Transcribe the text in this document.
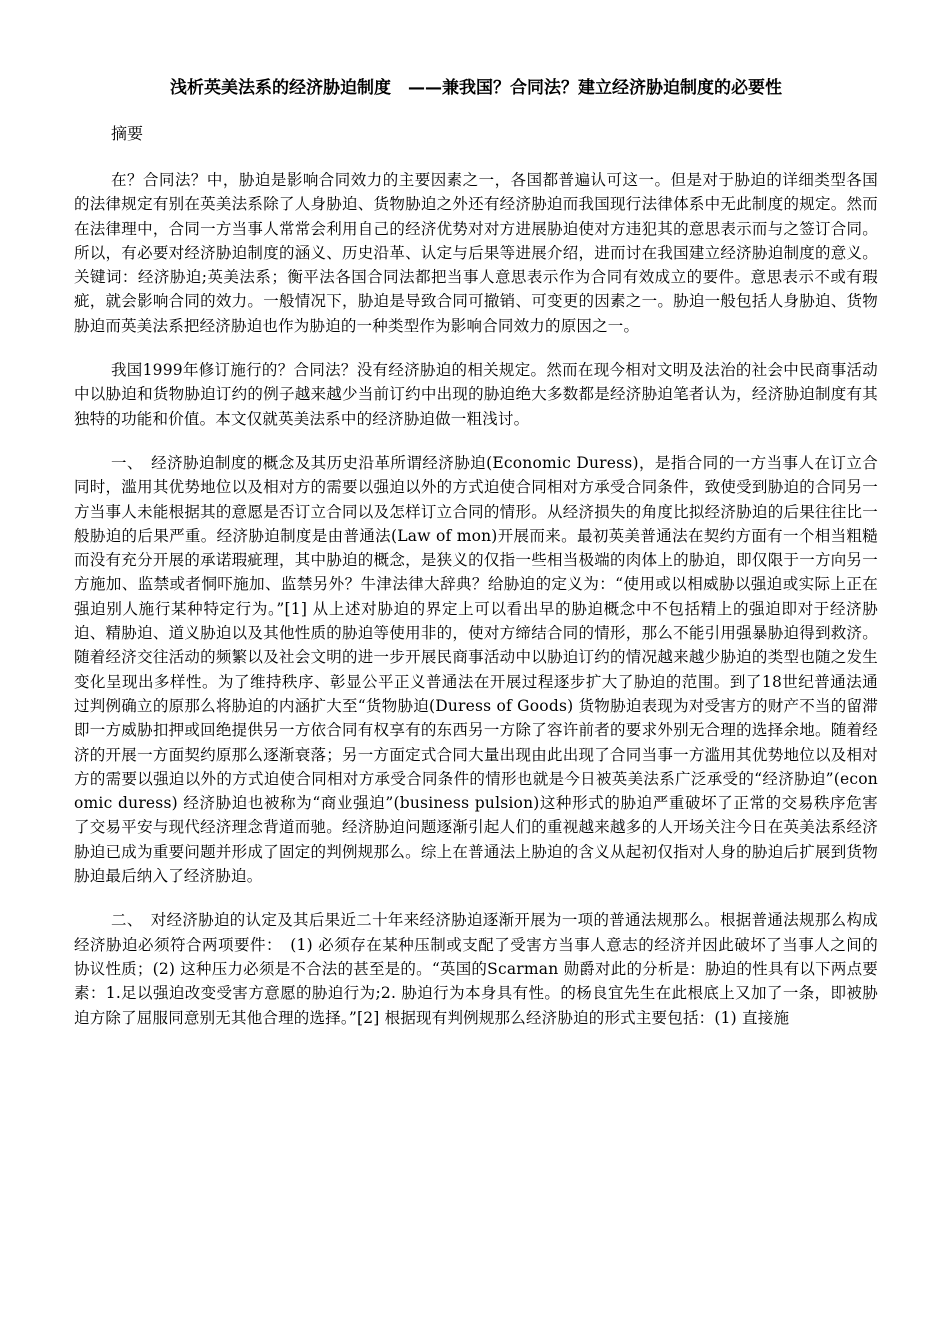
浅析英美法系的经济胁迫制度　——兼我国？合同法？建立经济胁迫制度的必要性

摘要

在？合同法？中，胁迫是影响合同效力的主要因素之一，各国都普遍认可这一。但是对于胁迫的详细类型各国的法律规定有别在英美法系除了人身胁迫、货物胁迫之外还有经济胁迫而我国现行法律体系中无此制度的规定。然而在法律理中，合同一方当事人常常会利用自己的经济优势对对方进展胁迫使对方违犯其的意思表示而与之签订合同。所以，有必要对经济胁迫制度的涵义、历史沿革、认定与后果等进展介绍，进而讨在我国建立经济胁迫制度的意义。关键词：经济胁迫;英美法系；衡平法各国合同法都把当事人意思表示作为合同有效成立的要件。意思表示不或有瑕疵，就会影响合同的效力。一般情况下，胁迫是导致合同可撤销、可变更的因素之一。胁迫一般包括人身胁迫、货物胁迫而英美法系把经济胁迫也作为胁迫的一种类型作为影响合同效力的原因之一。

我国1999年修订施行的？合同法？没有经济胁迫的相关规定。然而在现今相对文明及法治的社会中民商事活动中以胁迫和货物胁迫订约的例子越来越少当前订约中出现的胁迫绝大多数都是经济胁迫笔者认为，经济胁迫制度有其独特的功能和价值。本文仅就英美法系中的经济胁迫做一粗浅讨。

一、　经济胁迫制度的概念及其历史沿革所谓经济胁迫(Economic Duress)，是指合同的一方当事人在订立合同时，滥用其优势地位以及相对方的需要以强迫以外的方式迫使合同相对方承受合同条件，致使受到胁迫的合同另一方当事人未能根据其的意愿是否订立合同以及怎样订立合同的情形。从经济损失的角度比拟经济胁迫的后果往往比一般胁迫的后果严重。经济胁迫制度是由普通法(Law of mon)开展而来。最初英美普通法在契约方面有一个相当粗糙而没有充分开展的承诺瑕疵理，其中胁迫的概念，是狭义的仅指一些相当极端的肉体上的胁迫，即仅限于一方向另一方施加、监禁或者恫吓施加、监禁另外？牛津法律大辞典？给胁迫的定义为：“使用或以相威胁以强迫或实际上正在强迫别人施行某种特定行为。”[1] 从上述对胁迫的界定上可以看出早的胁迫概念中不包括精上的强迫即对于经济胁迫、精胁迫、道义胁迫以及其他性质的胁迫等使用非的，使对方缔结合同的情形，那么不能引用强暴胁迫得到救济。随着经济交往活动的频繁以及社会文明的进一步开展民商事活动中以胁迫订约的情况越来越少胁迫的类型也随之发生变化呈现出多样性。为了维持秩序、彰显公平正义普通法在开展过程逐步扩大了胁迫的范围。到了18世纪普通法通过判例确立的原那么将胁迫的内涵扩大至“货物胁迫(Duress of Goods) 货物胁迫表现为对受害方的财产不当的留滞即一方威胁扣押或回绝提供另一方依合同有权享有的东西另一方除了容许前者的要求外别无合理的选择余地。随着经济的开展一方面契约原那么逐渐衰落；另一方面定式合同大量出现由此出现了合同当事一方滥用其优势地位以及相对方的需要以强迫以外的方式迫使合同相对方承受合同条件的情形也就是今日被英美法系广泛承受的“经济胁迫”(economic duress) 经济胁迫也被称为“商业强迫”(business pulsion)这种形式的胁迫严重破坏了正常的交易秩序危害了交易平安与现代经济理念背道而驰。经济胁迫问题逐渐引起人们的重视越来越多的人开场关注今日在英美法系经济胁迫已成为重要问题并形成了固定的判例规那么。综上在普通法上胁迫的含义从起初仅指对人身的胁迫后扩展到货物胁迫最后纳入了经济胁迫。

二、　对经济胁迫的认定及其后果近二十年来经济胁迫逐渐开展为一项的普通法规那么。根据普通法规那么构成经济胁迫必须符合两项要件：　(1) 必须存在某种压制或支配了受害方当事人意志的经济并因此破坏了当事人之间的协议性质；(2) 这种压力必须是不合法的甚至是的。“英国的Scarman 勋爵对此的分析是：胁迫的性具有以下两点要素：1.足以强迫改变受害方意愿的胁迫行为;2. 胁迫行为本身具有性。的杨良宜先生在此根底上又加了一条，即被胁迫方除了屈服同意别无其他合理的选择。”[2] 根据现有判例规那么经济胁迫的形式主要包括：(1) 直接施
